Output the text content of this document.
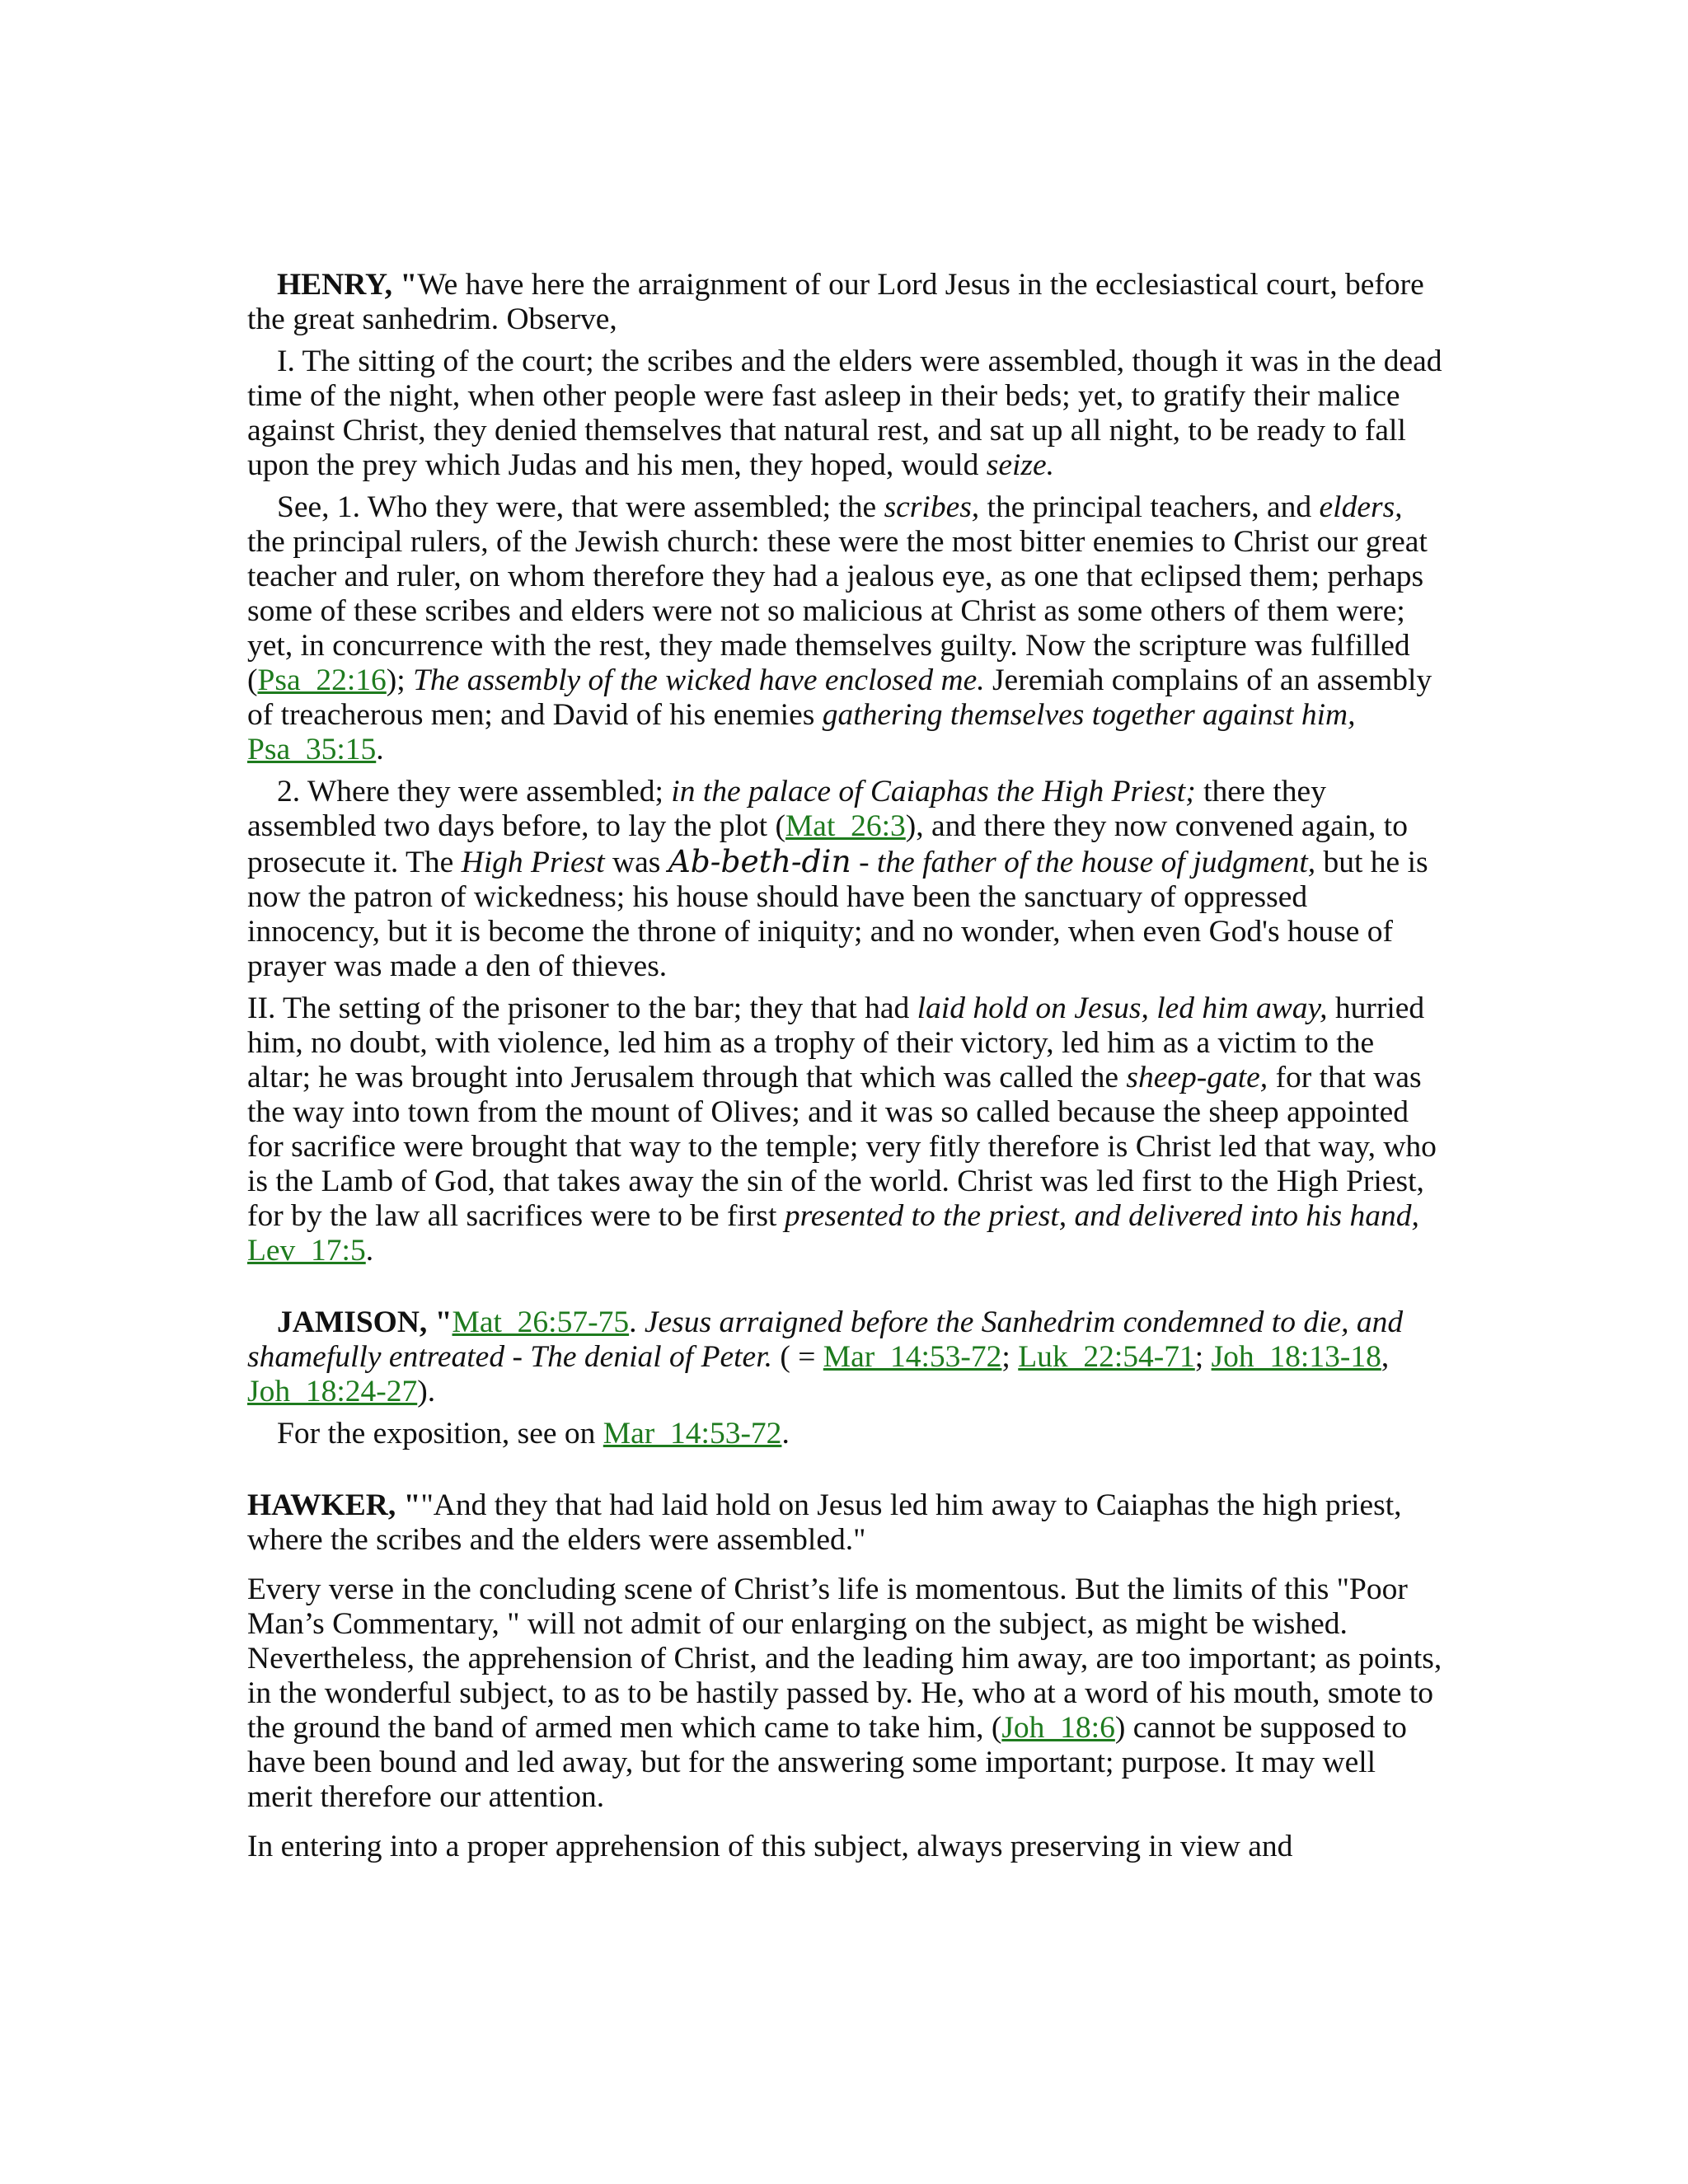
HENRY, "We have here the arraignment of our Lord Jesus in the ecclesiastical court, before the great sanhedrim. Observe,

I. The sitting of the court; the scribes and the elders were assembled, though it was in the dead time of the night, when other people were fast asleep in their beds; yet, to gratify their malice against Christ, they denied themselves that natural rest, and sat up all night, to be ready to fall upon the prey which Judas and his men, they hoped, would seize.

See, 1. Who they were, that were assembled; the scribes, the principal teachers, and elders, the principal rulers, of the Jewish church: these were the most bitter enemies to Christ our great teacher and ruler, on whom therefore they had a jealous eye, as one that eclipsed them; perhaps some of these scribes and elders were not so malicious at Christ as some others of them were; yet, in concurrence with the rest, they made themselves guilty. Now the scripture was fulfilled (Psa_22:16); The assembly of the wicked have enclosed me. Jeremiah complains of an assembly of treacherous men; and David of his enemies gathering themselves together against him, Psa_35:15.

2. Where they were assembled; in the palace of Caiaphas the High Priest; there they assembled two days before, to lay the plot (Mat_26:3), and there they now convened again, to prosecute it. The High Priest was Ab-beth-din - the father of the house of judgment, but he is now the patron of wickedness; his house should have been the sanctuary of oppressed innocency, but it is become the throne of iniquity; and no wonder, when even God's house of prayer was made a den of thieves.

II. The setting of the prisoner to the bar; they that had laid hold on Jesus, led him away, hurried him, no doubt, with violence, led him as a trophy of their victory, led him as a victim to the altar; he was brought into Jerusalem through that which was called the sheep-gate, for that was the way into town from the mount of Olives; and it was so called because the sheep appointed for sacrifice were brought that way to the temple; very fitly therefore is Christ led that way, who is the Lamb of God, that takes away the sin of the world. Christ was led first to the High Priest, for by the law all sacrifices were to be first presented to the priest, and delivered into his hand, Lev_17:5.

JAMISON, "Mat_26:57-75. Jesus arraigned before the Sanhedrim condemned to die, and shamefully entreated - The denial of Peter. ( = Mar_14:53-72; Luk_22:54-71; Joh_18:13-18, Joh_18:24-27).

For the exposition, see on Mar_14:53-72.

HAWKER, ""And they that had laid hold on Jesus led him away to Caiaphas the high priest, where the scribes and the elders were assembled."

Every verse in the concluding scene of Christ’s life is momentous. But the limits of this "Poor Man’s Commentary, " will not admit of our enlarging on the subject, as might be wished. Nevertheless, the apprehension of Christ, and the leading him away, are too important; as points, in the wonderful subject, to as to be hastily passed by. He, who at a word of his mouth, smote to the ground the band of armed men which came to take him, (Joh_18:6) cannot be supposed to have been bound and led away, but for the answering some important; purpose. It may well merit therefore our attention.

In entering into a proper apprehension of this subject, always preserving in view and
